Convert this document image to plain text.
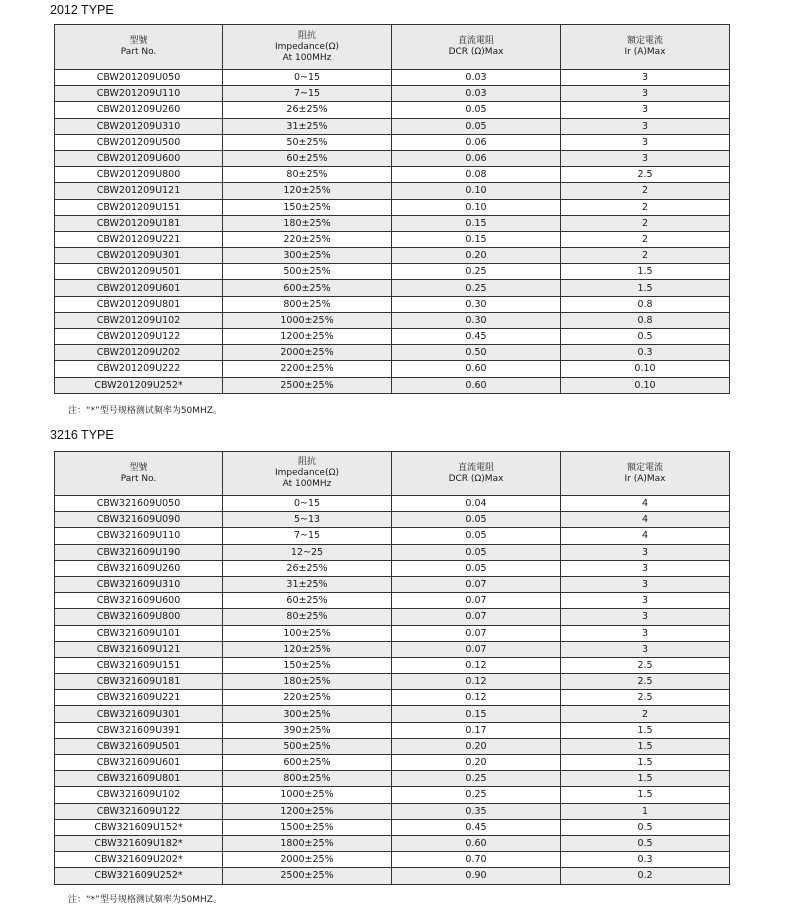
2012 TYPE
型號
Part No.	阻抗
Impedance(Ω)
At 100MHz	直流電阻
DCR (Ω)Max	額定電流
Ir (A)Max

CBW201209U050	0~15	0.03	3
CBW201209U110	7~15	0.03	3
CBW201209U260	26±25%	0.05	3
CBW201209U310	31±25%	0.05	3
CBW201209U500	50±25%	0.06	3
CBW201209U600	60±25%	0.06	3
CBW201209U800	80±25%	0.08	2.5
CBW201209U121	120±25%	0.10	2
CBW201209U151	150±25%	0.10	2
CBW201209U181	180±25%	0.15	2
CBW201209U221	220±25%	0.15	2
CBW201209U301	300±25%	0.20	2
CBW201209U501	500±25%	0.25	1.5
CBW201209U601	600±25%	0.25	1.5
CBW201209U801	800±25%	0.30	0.8
CBW201209U102	1000±25%	0.30	0.8
CBW201209U122	1200±25%	0.45	0.5
CBW201209U202	2000±25%	0.50	0.3
CBW201209U222	2200±25%	0.60	0.10
CBW201209U252*	2500±25%	0.60	0.10
注：“*”型号规格测试频率为50MHZ。
3216 TYPE
型號
Part No.	阻抗
Impedance(Ω)
At 100MHz	直流電阻
DCR (Ω)Max	額定電流
Ir (A)Max

CBW321609U050	0~15	0.04	4
CBW321609U090	5~13	0.05	4
CBW321609U110	7~15	0.05	4
CBW321609U190	12~25	0.05	3
CBW321609U260	26±25%	0.05	3
CBW321609U310	31±25%	0.07	3
CBW321609U600	60±25%	0.07	3
CBW321609U800	80±25%	0.07	3
CBW321609U101	100±25%	0.07	3
CBW321609U121	120±25%	0.07	3
CBW321609U151	150±25%	0.12	2.5
CBW321609U181	180±25%	0.12	2.5
CBW321609U221	220±25%	0.12	2.5
CBW321609U301	300±25%	0.15	2
CBW321609U391	390±25%	0.17	1.5
CBW321609U501	500±25%	0.20	1.5
CBW321609U601	600±25%	0.20	1.5
CBW321609U801	800±25%	0.25	1.5
CBW321609U102	1000±25%	0.25	1.5
CBW321609U122	1200±25%	0.35	1
CBW321609U152*	1500±25%	0.45	0.5
CBW321609U182*	1800±25%	0.60	0.5
CBW321609U202*	2000±25%	0.70	0.3
CBW321609U252*	2500±25%	0.90	0.2
注：“*”型号规格测试频率为50MHZ。
